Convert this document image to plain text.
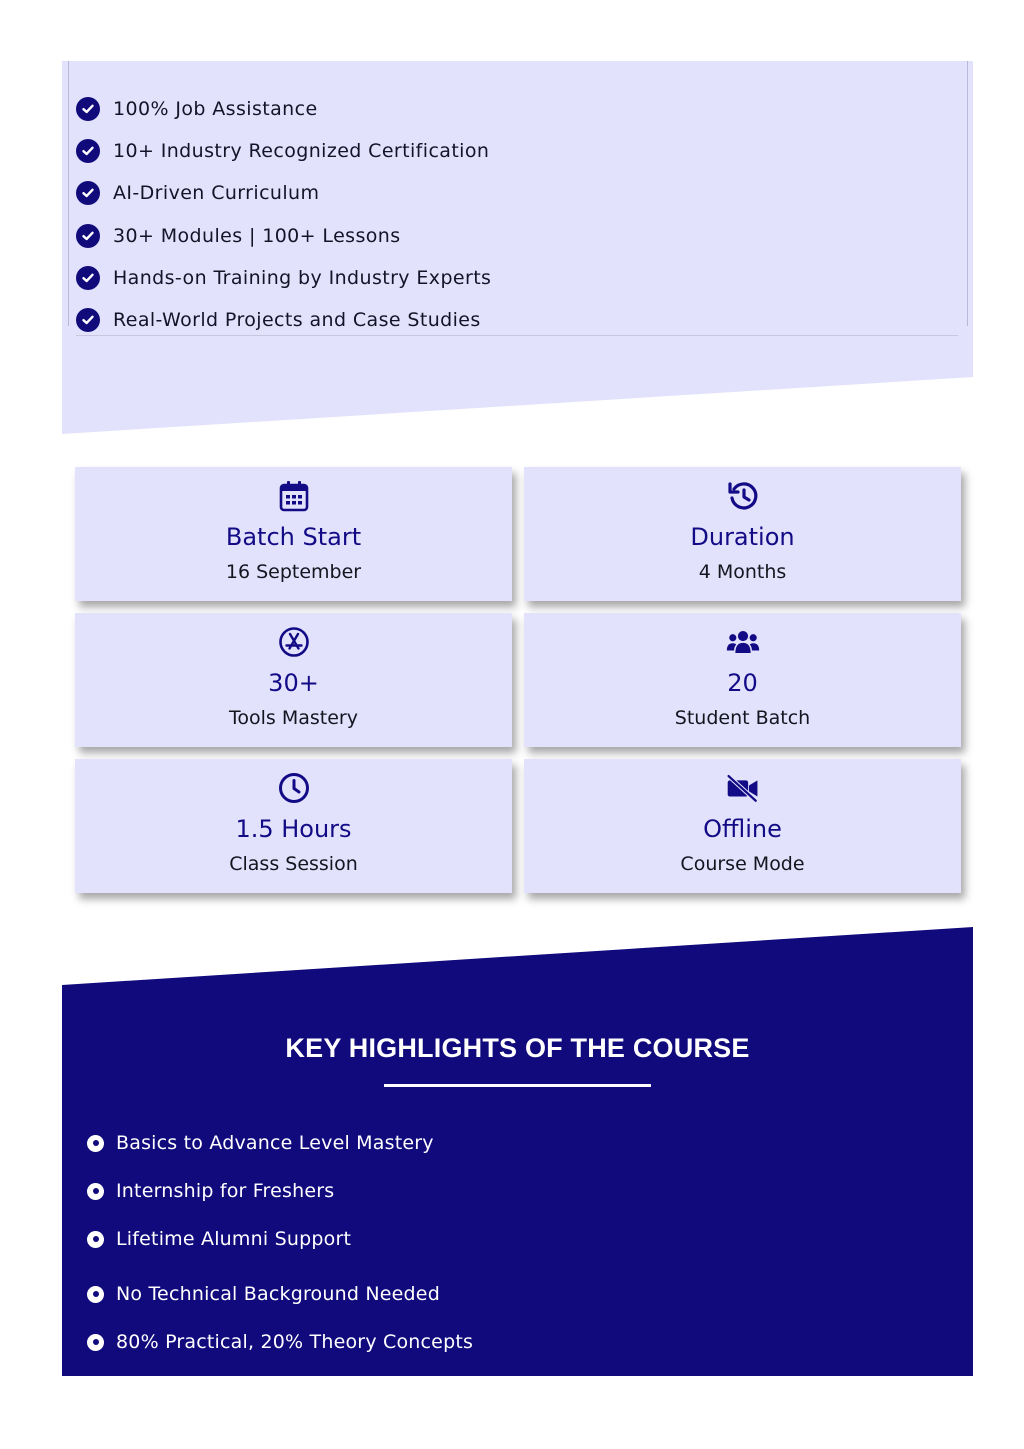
100% Job Assistance
10+ Industry Recognized Certification
AI-Driven Curriculum
30+ Modules | 100+ Lessons
Hands-on Training by Industry Experts
Real-World Projects and Case Studies
Batch Start
16 September
Duration
4 Months
30+
Tools Mastery
20
Student Batch
1.5 Hours
Class Session
Offline
Course Mode
KEY HIGHLIGHTS OF THE COURSE
Basics to Advance Level Mastery
Internship for Freshers
Lifetime Alumni Support
No Technical Background Needed
80% Practical, 20% Theory Concepts
